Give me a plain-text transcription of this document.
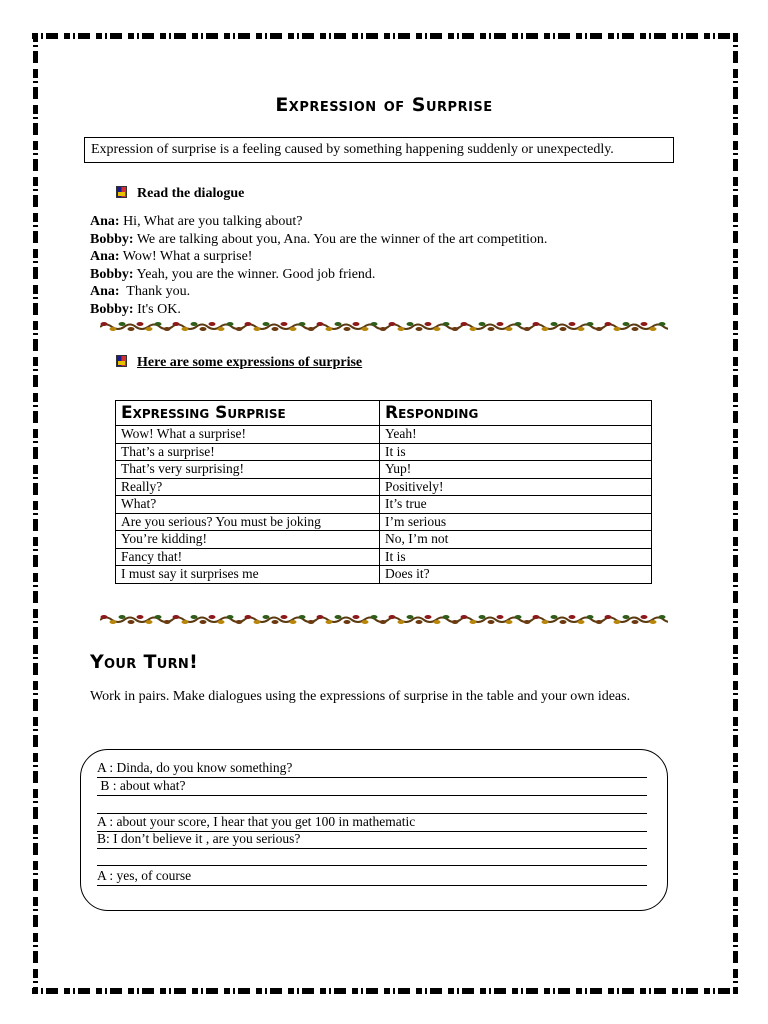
Expression of Surprise
Expression of surprise is a feeling caused by something happening suddenly or unexpectedly.
Read the dialogue
Ana: Hi, What are you talking about?
Bobby: We are talking about you, Ana. You are the winner of the art competition.
Ana: Wow! What a surprise!
Bobby: Yeah, you are the winner. Good job friend.
Ana:  Thank you.
Bobby: It's OK.
Here are some expressions of surprise
Expressing Surprise	Responding
Wow! What a surprise!	Yeah!
That’s a surprise!	It is
That’s very surprising!	Yup!
Really?	Positively!
What?	It’s true
Are you serious? You must be joking	I’m serious
You’re kidding!	No, I’m not
Fancy that!	It is
I must say it surprises me	Does it?
Your Turn!
Work in pairs. Make dialogues using the expressions of surprise in the table and your own ideas.
A : Dinda, do you know something?
B : about what?
A : about your score, I hear that you get 100 in mathematic
B: I don’t believe it , are you serious?
A : yes, of course
